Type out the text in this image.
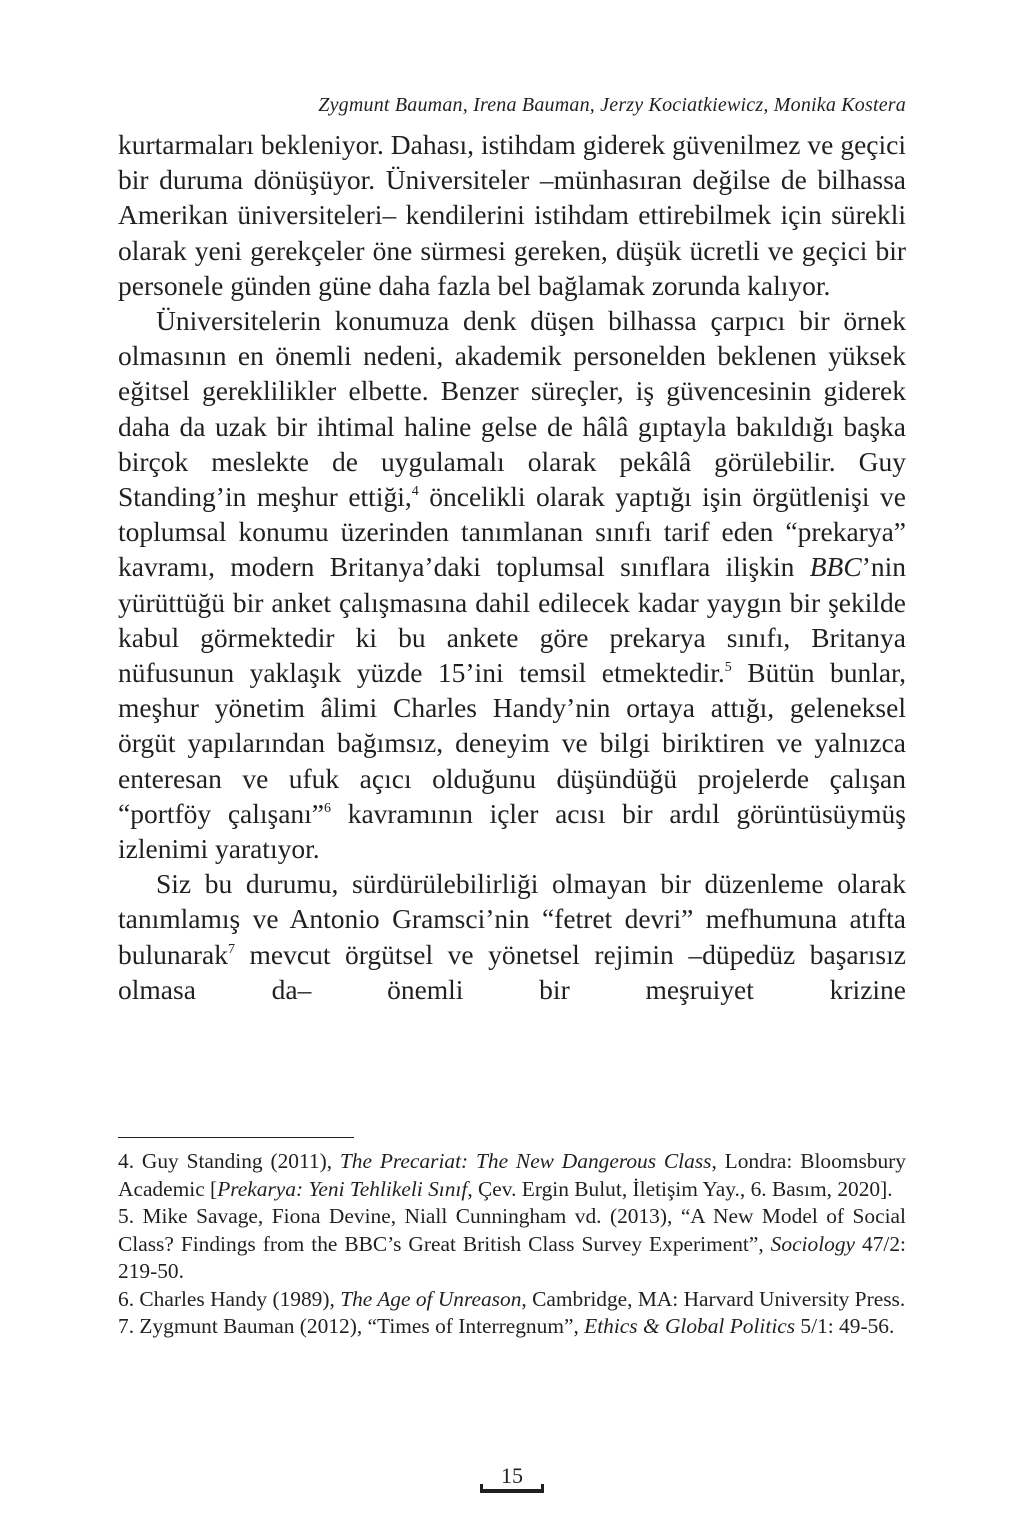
Zygmunt Bauman, Irena Bauman, Jerzy Kociatkiewicz, Monika Kostera

kurtarmaları bekleniyor. Dahası, istihdam giderek güvenilmez ve geçici bir duruma dönüşüyor. Üniversiteler –münhasıran değilse de bilhassa Amerikan üniversiteleri– kendilerini istihdam ettirebilmek için sürekli olarak yeni gerekçeler öne sürmesi gereken, düşük ücretli ve geçici bir personele günden güne daha fazla bel bağlamak zorunda kalıyor.

Üniversitelerin konumuza denk düşen bilhassa çarpıcı bir örnek olmasının en önemli nedeni, akademik personelden beklenen yüksek eğitsel gereklilikler elbette. Benzer süreçler, iş güvencesinin giderek daha da uzak bir ihtimal haline gelse de hâlâ gıptayla bakıldığı başka birçok meslekte de uygulamalı olarak pekâlâ görülebilir. Guy Standing’in meşhur ettiği,$^4$ öncelikli olarak yaptığı işin örgütlenişi ve toplumsal konumu üzerinden tanımlanan sınıfı tarif eden “prekarya” kavramı, modern Britanya’daki toplumsal sınıflara ilişkin BBC’nin yürüttüğü bir anket çalışmasına dahil edilecek kadar yaygın bir şekilde kabul görmektedir ki bu ankete göre prekarya sınıfı, Britanya nüfusunun yaklaşık yüzde 15’ini temsil etmektedir.$^5$ Bütün bunlar, meşhur yönetim âlimi Charles Handy’nin ortaya attığı, geleneksel örgüt yapılarından bağımsız, deneyim ve bilgi biriktiren ve yalnızca enteresan ve ufuk açıcı olduğunu düşündüğü projelerde çalışan “portföy çalışanı”$^6$ kavramının içler acısı bir ardıl görüntüsüymüş izlenimi yaratıyor.

Siz bu durumu, sürdürülebilirliği olmayan bir düzenleme olarak tanımlamış ve Antonio Gramsci’nin “fetret devri” mefhumuna atıfta bulunarak$^7$ mevcut örgütsel ve yönetsel rejimin –düpedüz başarısız olmasa da– önemli bir meşruiyet krizine

4. Guy Standing (2011), The Precariat: The New Dangerous Class, Londra: Bloomsbury Academic [Prekarya: Yeni Tehlikeli Sınıf, Çev. Ergin Bulut, İletişim Yay., 6. Basım, 2020].

5. Mike Savage, Fiona Devine, Niall Cunningham vd. (2013), “A New Model of Social Class? Findings from the BBC’s Great British Class Survey Experiment”, Sociology 47/2: 219-50.

6. Charles Handy (1989), The Age of Unreason, Cambridge, MA: Harvard University Press.

7. Zygmunt Bauman (2012), “Times of Interregnum”, Ethics & Global Politics 5/1: 49-56.

15
